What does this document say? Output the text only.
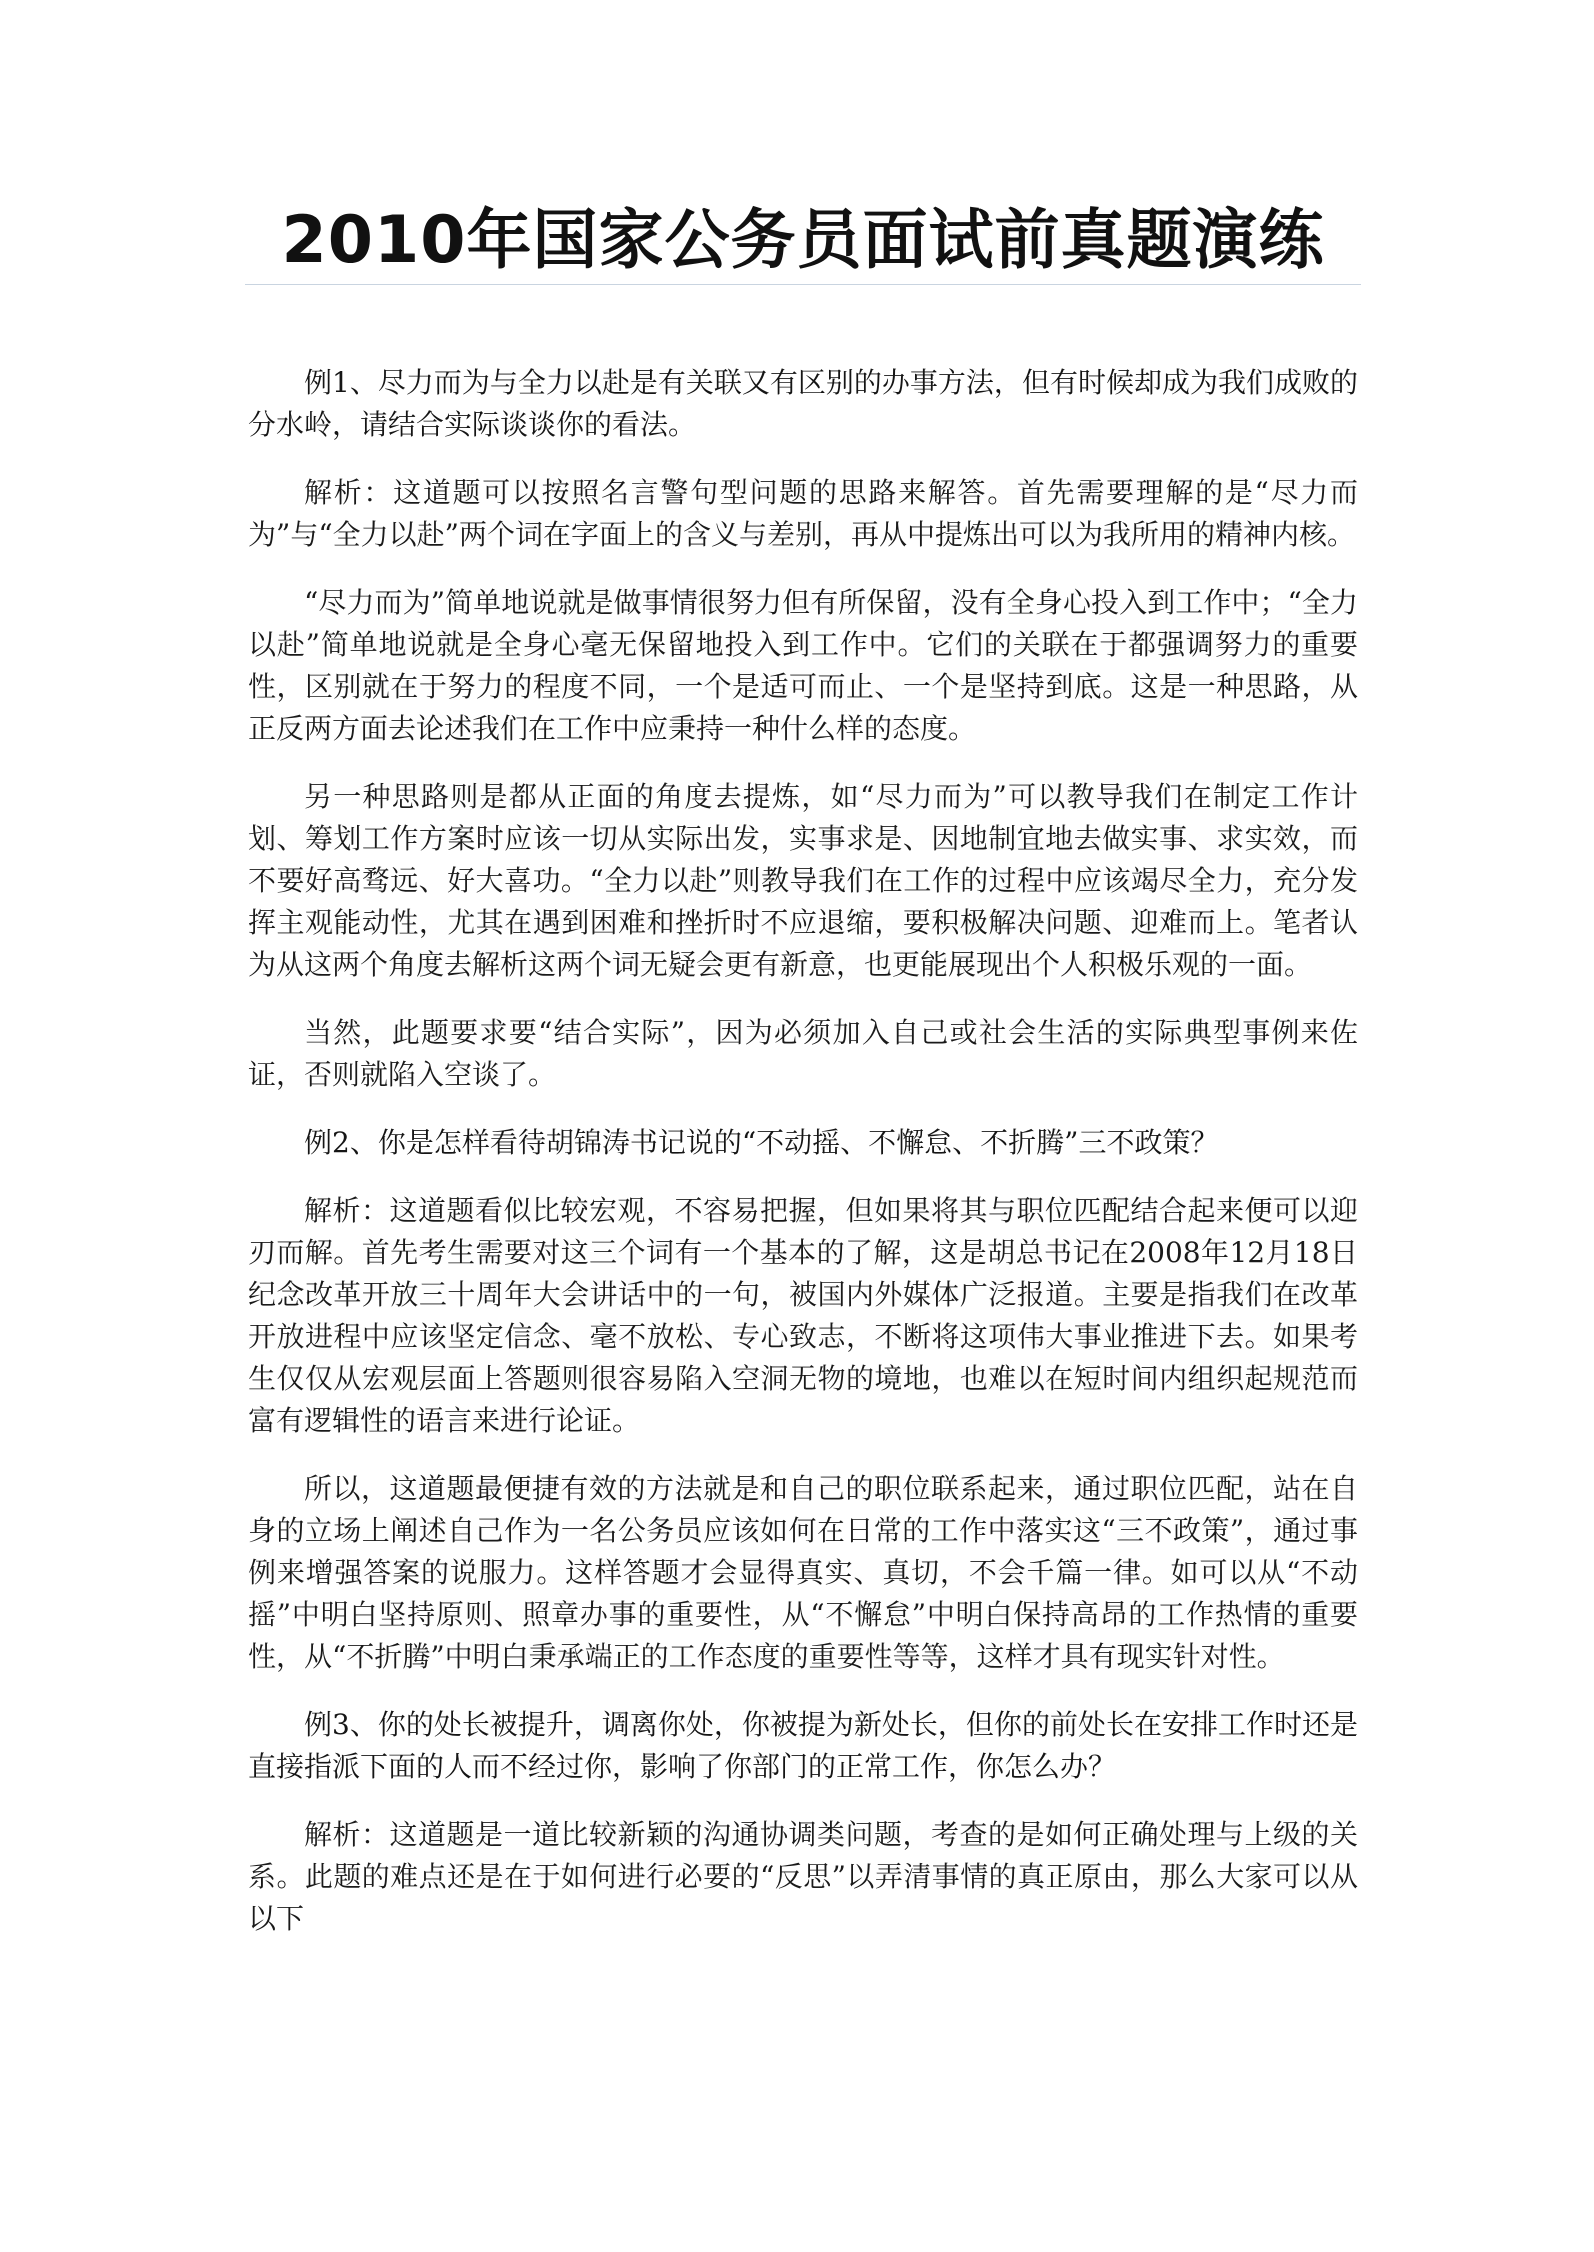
2010年国家公务员面试前真题演练

例1、尽力而为与全力以赴是有关联又有区别的办事方法，但有时候却成为我们成败的分水岭，请结合实际谈谈你的看法。

解析：这道题可以按照名言警句型问题的思路来解答。首先需要理解的是“尽力而为”与“全力以赴”两个词在字面上的含义与差别，再从中提炼出可以为我所用的精神内核。

“尽力而为”简单地说就是做事情很努力但有所保留，没有全身心投入到工作中；“全力以赴”简单地说就是全身心毫无保留地投入到工作中。它们的关联在于都强调努力的重要性，区别就在于努力的程度不同，一个是适可而止、一个是坚持到底。这是一种思路，从正反两方面去论述我们在工作中应秉持一种什么样的态度。

另一种思路则是都从正面的角度去提炼，如“尽力而为”可以教导我们在制定工作计划、筹划工作方案时应该一切从实际出发，实事求是、因地制宜地去做实事、求实效，而不要好高骛远、好大喜功。“全力以赴”则教导我们在工作的过程中应该竭尽全力，充分发挥主观能动性，尤其在遇到困难和挫折时不应退缩，要积极解决问题、迎难而上。笔者认为从这两个角度去解析这两个词无疑会更有新意，也更能展现出个人积极乐观的一面。

当然，此题要求要“结合实际”，因为必须加入自己或社会生活的实际典型事例来佐证，否则就陷入空谈了。

例2、你是怎样看待胡锦涛书记说的“不动摇、不懈怠、不折腾”三不政策？

解析：这道题看似比较宏观，不容易把握，但如果将其与职位匹配结合起来便可以迎刃而解。首先考生需要对这三个词有一个基本的了解，这是胡总书记在2008年12月18日纪念改革开放三十周年大会讲话中的一句，被国内外媒体广泛报道。主要是指我们在改革开放进程中应该坚定信念、毫不放松、专心致志，不断将这项伟大事业推进下去。如果考生仅仅从宏观层面上答题则很容易陷入空洞无物的境地，也难以在短时间内组织起规范而富有逻辑性的语言来进行论证。

所以，这道题最便捷有效的方法就是和自己的职位联系起来，通过职位匹配，站在自身的立场上阐述自己作为一名公务员应该如何在日常的工作中落实这“三不政策”，通过事例来增强答案的说服力。这样答题才会显得真实、真切，不会千篇一律。如可以从“不动摇”中明白坚持原则、照章办事的重要性，从“不懈怠”中明白保持高昂的工作热情的重要性，从“不折腾”中明白秉承端正的工作态度的重要性等等，这样才具有现实针对性。

例3、你的处长被提升，调离你处，你被提为新处长，但你的前处长在安排工作时还是直接指派下面的人而不经过你，影响了你部门的正常工作，你怎么办？

解析：这道题是一道比较新颖的沟通协调类问题，考查的是如何正确处理与上级的关系。此题的难点还是在于如何进行必要的“反思”以弄清事情的真正原由，那么大家可以从以下
